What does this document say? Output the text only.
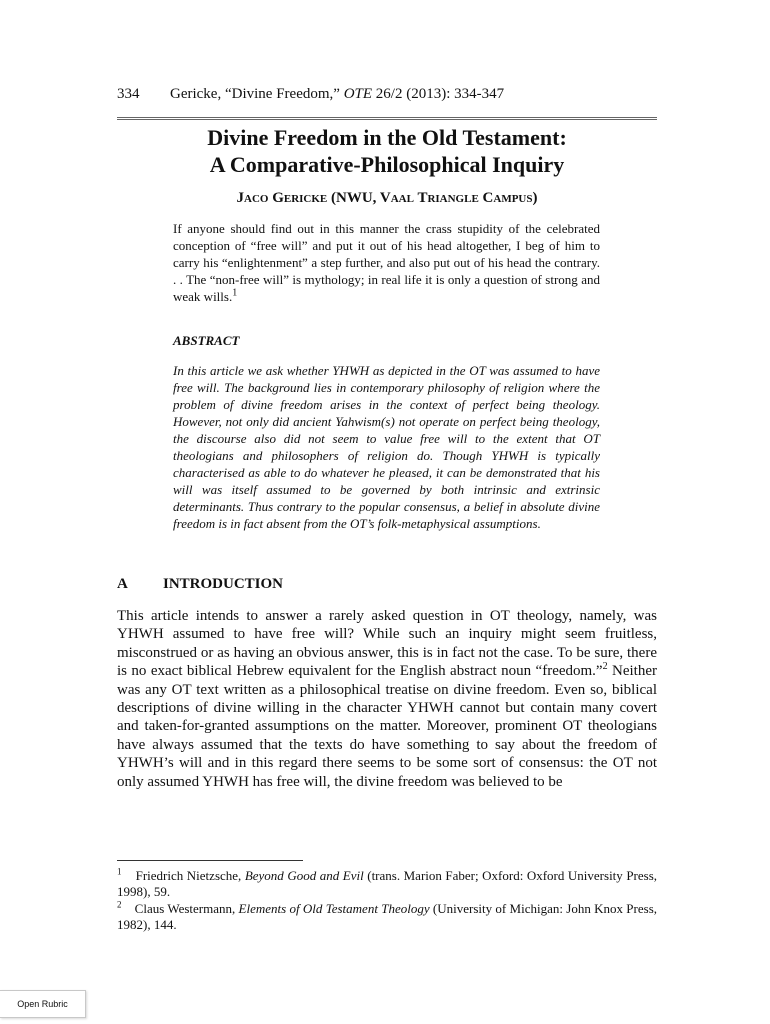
334 Gericke, “Divine Freedom,” OTE 26/2 (2013): 334-347
Divine Freedom in the Old Testament:
A Comparative-Philosophical Inquiry
Jaco Gericke (NWU, Vaal Triangle Campus)
If anyone should find out in this manner the crass stupidity of the celebrated conception of “free will” and put it out of his head altogether, I beg of him to carry his “enlightenment” a step further, and also put out of his head the contrary. . . The “non-free will” is mythology; in real life it is only a question of strong and weak wills.$^1$
ABSTRACT
In this article we ask whether YHWH as depicted in the OT was assumed to have free will. The background lies in contemporary philosophy of religion where the problem of divine freedom arises in the context of perfect being theology. However, not only did ancient Yahwism(s) not operate on perfect being theology, the discourse also did not seem to value free will to the extent that OT theologians and philosophers of religion do. Though YHWH is typically characterised as able to do whatever he pleased, it can be demonstrated that his will was itself assumed to be governed by both intrinsic and extrinsic determinants. Thus contrary to the popular consensus, a belief in absolute divine freedom is in fact absent from the OT’s folk-metaphysical assumptions.
A INTRODUCTION
This article intends to answer a rarely asked question in OT theology, namely, was YHWH assumed to have free will? While such an inquiry might seem fruitless, misconstrued or as having an obvious answer, this is in fact not the case. To be sure, there is no exact biblical Hebrew equivalent for the English abstract noun “freedom.”$^2$ Neither was any OT text written as a philosophical treatise on divine freedom. Even so, biblical descriptions of divine willing in the character YHWH cannot but contain many covert and taken-for-granted assumptions on the matter. Moreover, prominent OT theologians have always assumed that the texts do have something to say about the freedom of YHWH’s will and in this regard there seems to be some sort of consensus: the OT not only assumed YHWH has free will, the divine freedom was believed to be
$^1$ Friedrich Nietzsche, Beyond Good and Evil (trans. Marion Faber; Oxford: Oxford University Press, 1998), 59.
$^2$ Claus Westermann, Elements of Old Testament Theology (University of Michigan: John Knox Press, 1982), 144.
Open Rubric
